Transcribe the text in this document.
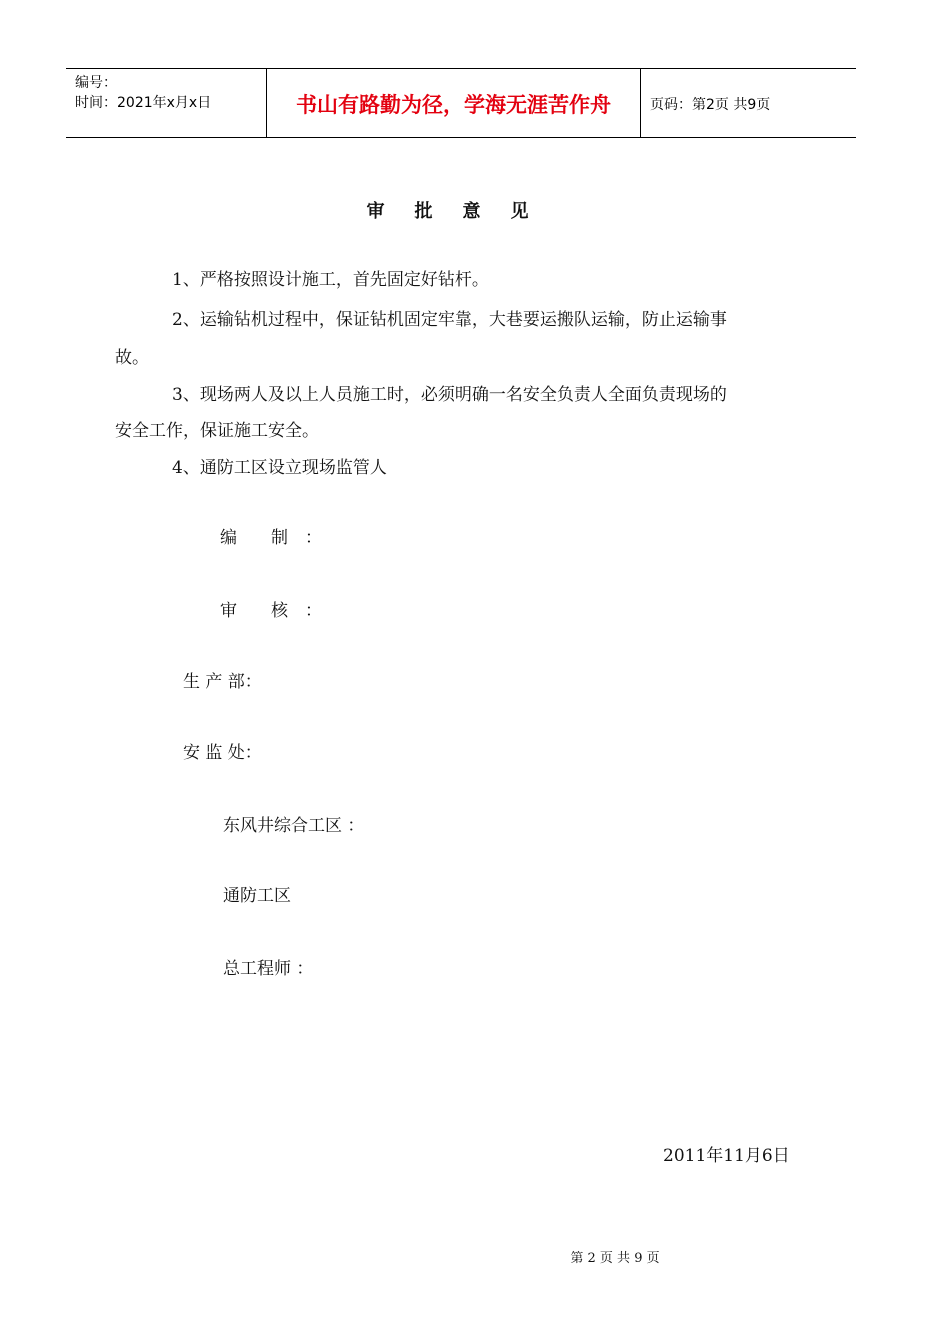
编号：
时间：2021年x月x日	书山有路勤为径，学海无涯苦作舟	页码：第2页 共9页
审批意见
1、严格按照设计施工，首先固定好钻杆。
2、运输钻机过程中，保证钻机固定牢靠，大巷要运搬队运输，防止运输事
故。
3、现场两人及以上人员施工时，必须明确一名安全负责人全面负责现场的
安全工作，保证施工安全。
4、通防工区设立现场监管人
编　　制　：
审　　核　：
生 产 部：
安 监 处：
东风井综合工区 ：
通防工区
总工程师 ：
2011年11月6日
第 2 页 共 9 页
